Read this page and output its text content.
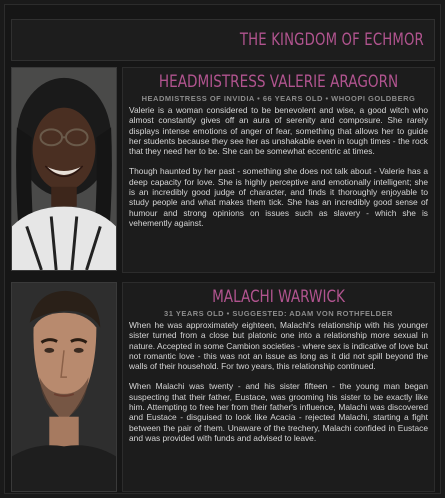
THE KINGDOM OF ECHMOR
HEADMISTRESS VALERIE ARAGORN
HEADMISTRESS OF INVIDIA • 66 YEARS OLD • WHOOPI GOLDBERG

Valerie is a woman considered to be benevolent and wise, a good witch who almost constantly gives off an aura of serenity and composure. She rarely displays intense emotions of anger of fear, something that allows her to guide her students because they see her as unshakable even in tough times - the rock that they need her to be. She can be somewhat eccentric at times.

Though haunted by her past - something she does not talk about - Valerie has a deep capacity for love. She is highly perceptive and emotionally intelligent; she is an incredibly good judge of character, and finds it thoroughly enjoyable to study people and what makes them tick. She has an incredibly good sense of humour and strong opinions on issues such as slavery - which she is vehemently against.

MALACHI WARWICK
31 YEARS OLD • SUGGESTED: ADAM VON ROTHFELDER

When he was approximately eighteen, Malachi's relationship with his younger sister turned from a close but platonic one into a relationship more sexual in nature. Accepted in some Cambion societies - where sex is indicative of love but not romantic love - this was not an issue as long as it did not spill beyond the walls of their household. For two years, this relationship continued.

When Malachi was twenty - and his sister fifteen - the young man began suspecting that their father, Eustace, was grooming his sister to be exactly like him. Attempting to free her from their father's influence, Malachi was discovered and Eustace - disguised to look like Acacia - rejected Malachi, starting a fight between the pair of them. Unaware of the trechery, Malachi confided in Eustace and was provided with funds and advised to leave.
